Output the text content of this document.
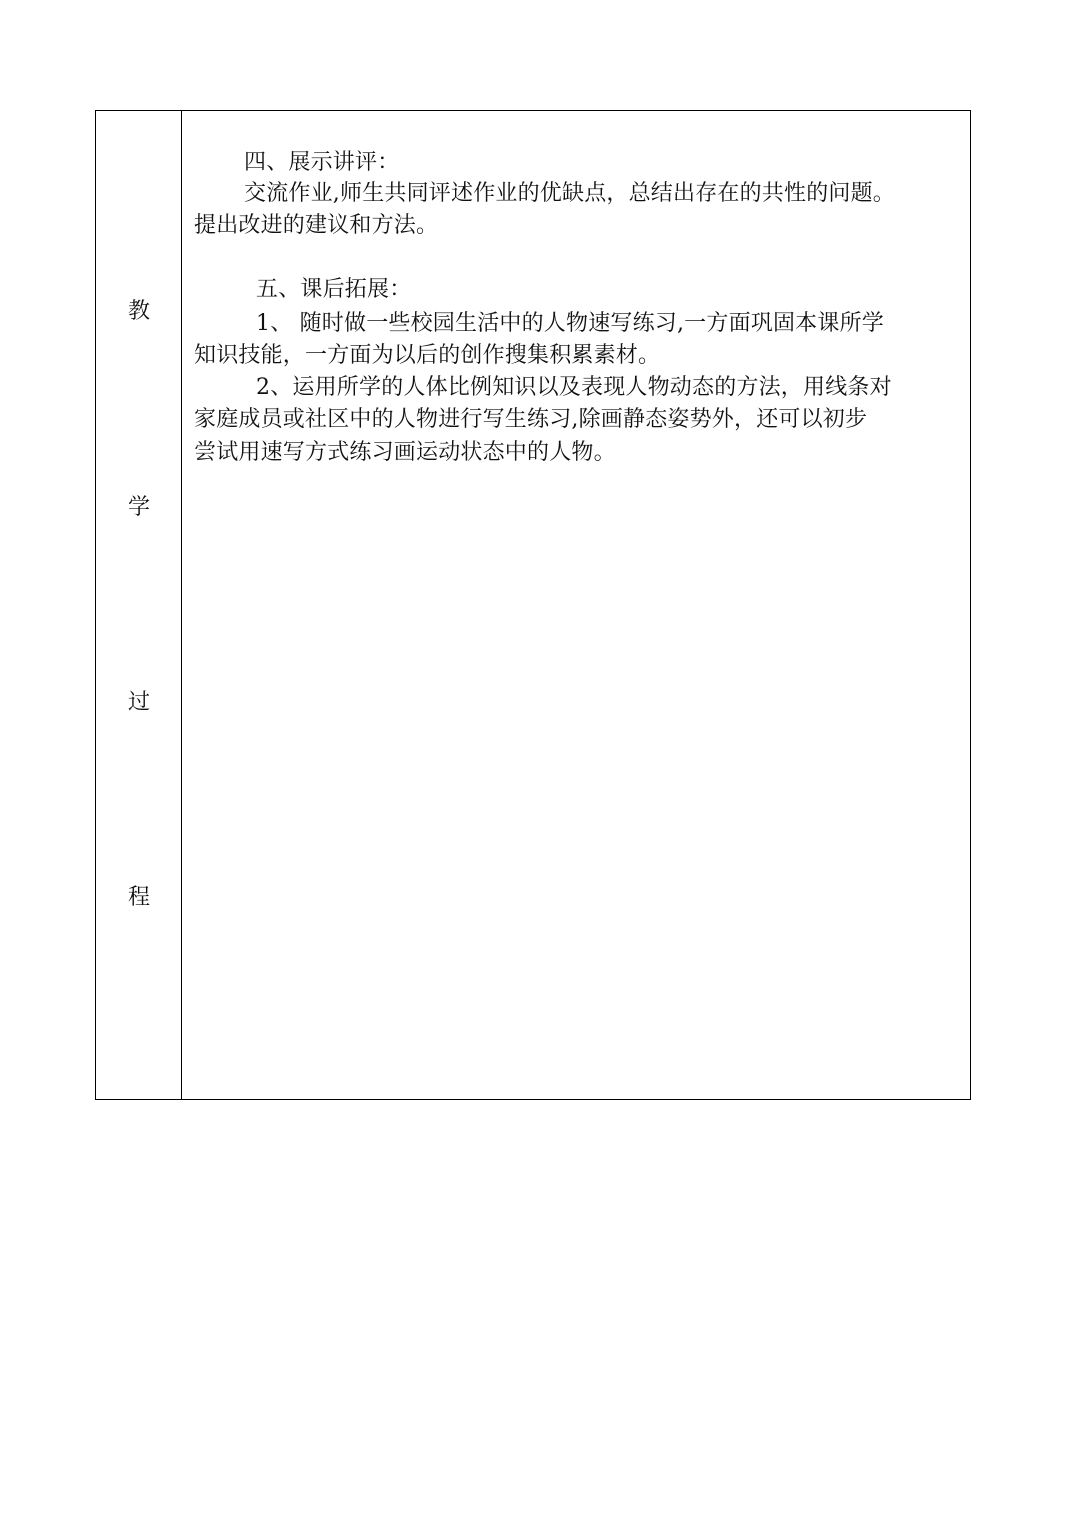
教
学
过
程
四、展示讲评：
交流作业,师生共同评述作业的优缺点，总结出存在的共性的问题。
提出改进的建议和方法。
五、课后拓展：
1、 随时做一些校园生活中的人物速写练习,一方面巩固本课所学
知识技能，一方面为以后的创作搜集积累素材。
2、运用所学的人体比例知识以及表现人物动态的方法，用线条对
家庭成员或社区中的人物进行写生练习,除画静态姿势外，还可以初步
尝试用速写方式练习画运动状态中的人物。
